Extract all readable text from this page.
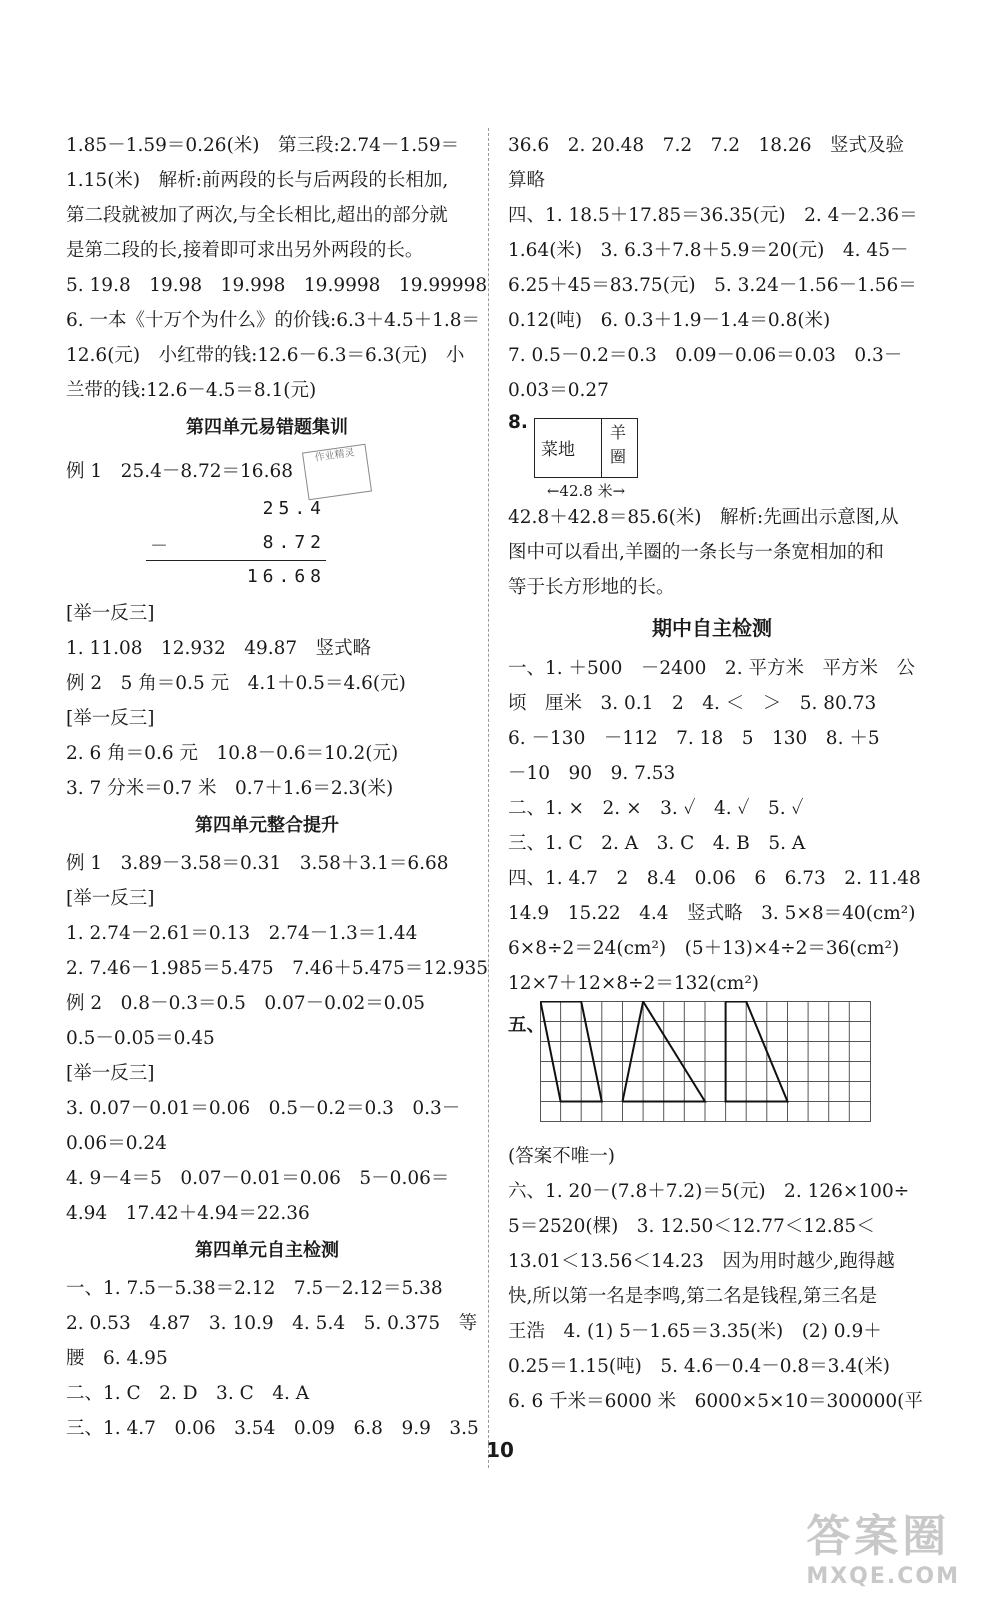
1.85－1.59＝0.26(米)　第三段:2.74－1.59＝
1.15(米)　解析:前两段的长与后两段的长相加,
第二段就被加了两次,与全长相比,超出的部分就
是第二段的长,接着即可求出另外两段的长。
5. 19.8　19.98　19.998　19.9998　19.99998
6. 一本《十万个为什么》的价钱:6.3＋4.5＋1.8＝
12.6(元)　小红带的钱:12.6－6.3＝6.3(元)　小
兰带的钱:12.6－4.5＝8.1(元)
第四单元易错题集训
例 1　25.4－8.72＝16.68 作业精灵
25.4
－	8.72
16.68
[举一反三]
1. 11.08　12.932　49.87　竖式略
例 2　5 角＝0.5 元　4.1＋0.5＝4.6(元)
[举一反三]
2. 6 角＝0.6 元　10.8－0.6＝10.2(元)
3. 7 分米＝0.7 米　0.7＋1.6＝2.3(米)
第四单元整合提升
例 1　3.89－3.58＝0.31　3.58＋3.1＝6.68
[举一反三]
1. 2.74－2.61＝0.13　2.74－1.3＝1.44
2. 7.46－1.985＝5.475　7.46＋5.475＝12.935
例 2　0.8－0.3＝0.5　0.07－0.02＝0.05
0.5－0.05＝0.45
[举一反三]
3. 0.07－0.01＝0.06　0.5－0.2＝0.3　0.3－
0.06＝0.24
4. 9－4＝5　0.07－0.01＝0.06　5－0.06＝
4.94　17.42＋4.94＝22.36
第四单元自主检测
一、1. 7.5－5.38＝2.12　7.5－2.12＝5.38
2. 0.53　4.87　3. 10.9　4. 5.4　5. 0.375　等
腰　6. 4.95
二、1. C　2. D　3. C　4. A
三、1. 4.7　0.06　3.54　0.09　6.8　9.9　3.5
36.6　2. 20.48　7.2　7.2　18.26　竖式及验
算略
四、1. 18.5＋17.85＝36.35(元)　2. 4－2.36＝
1.64(米)　3. 6.3＋7.8＋5.9＝20(元)　4. 45－
6.25＋45＝83.75(元)　5. 3.24－1.56－1.56＝
0.12(吨)　6. 0.3＋1.9－1.4＝0.8(米)
7. 0.5－0.2＝0.3　0.09－0.06＝0.03　0.3－
0.03＝0.27
8.
菜地
羊圈
←42.8 米→
42.8＋42.8＝85.6(米)　解析:先画出示意图,从
图中可以看出,羊圈的一条长与一条宽相加的和
等于长方形地的长。
期中自主检测
一、1. ＋500　－2400　2. 平方米　平方米　公
顷　厘米　3. 0.1　2　4. ＜　＞　5. 80.73
6. －130　－112　7. 18　5　130　8. ＋5
－10　90　9. 7.53
二、1. ×　2. ×　3. ✓　4. ✓　5. ✓
三、1. C　2. A　3. C　4. B　5. A
四、1. 4.7　2　8.4　0.06　6　6.73　2. 11.48
14.9　15.22　4.4　竖式略　3. 5×8＝40(cm²)
6×8÷2＝24(cm²)　(5＋13)×4÷2＝36(cm²)
12×7＋12×8÷2＝132(cm²)
五、
(答案不唯一)
六、1. 20－(7.8＋7.2)＝5(元)　2. 126×100÷
5＝2520(棵)　3. 12.50＜12.77＜12.85＜
13.01＜13.56＜14.23　因为用时越少,跑得越
快,所以第一名是李鸣,第二名是钱程,第三名是
王浩　4. (1) 5－1.65＝3.35(米)　(2) 0.9＋
0.25＝1.15(吨)　5. 4.6－0.4－0.8＝3.4(米)
6. 6 千米＝6000 米　6000×5×10＝300000(平
10
答案圈
MXQE.COM
